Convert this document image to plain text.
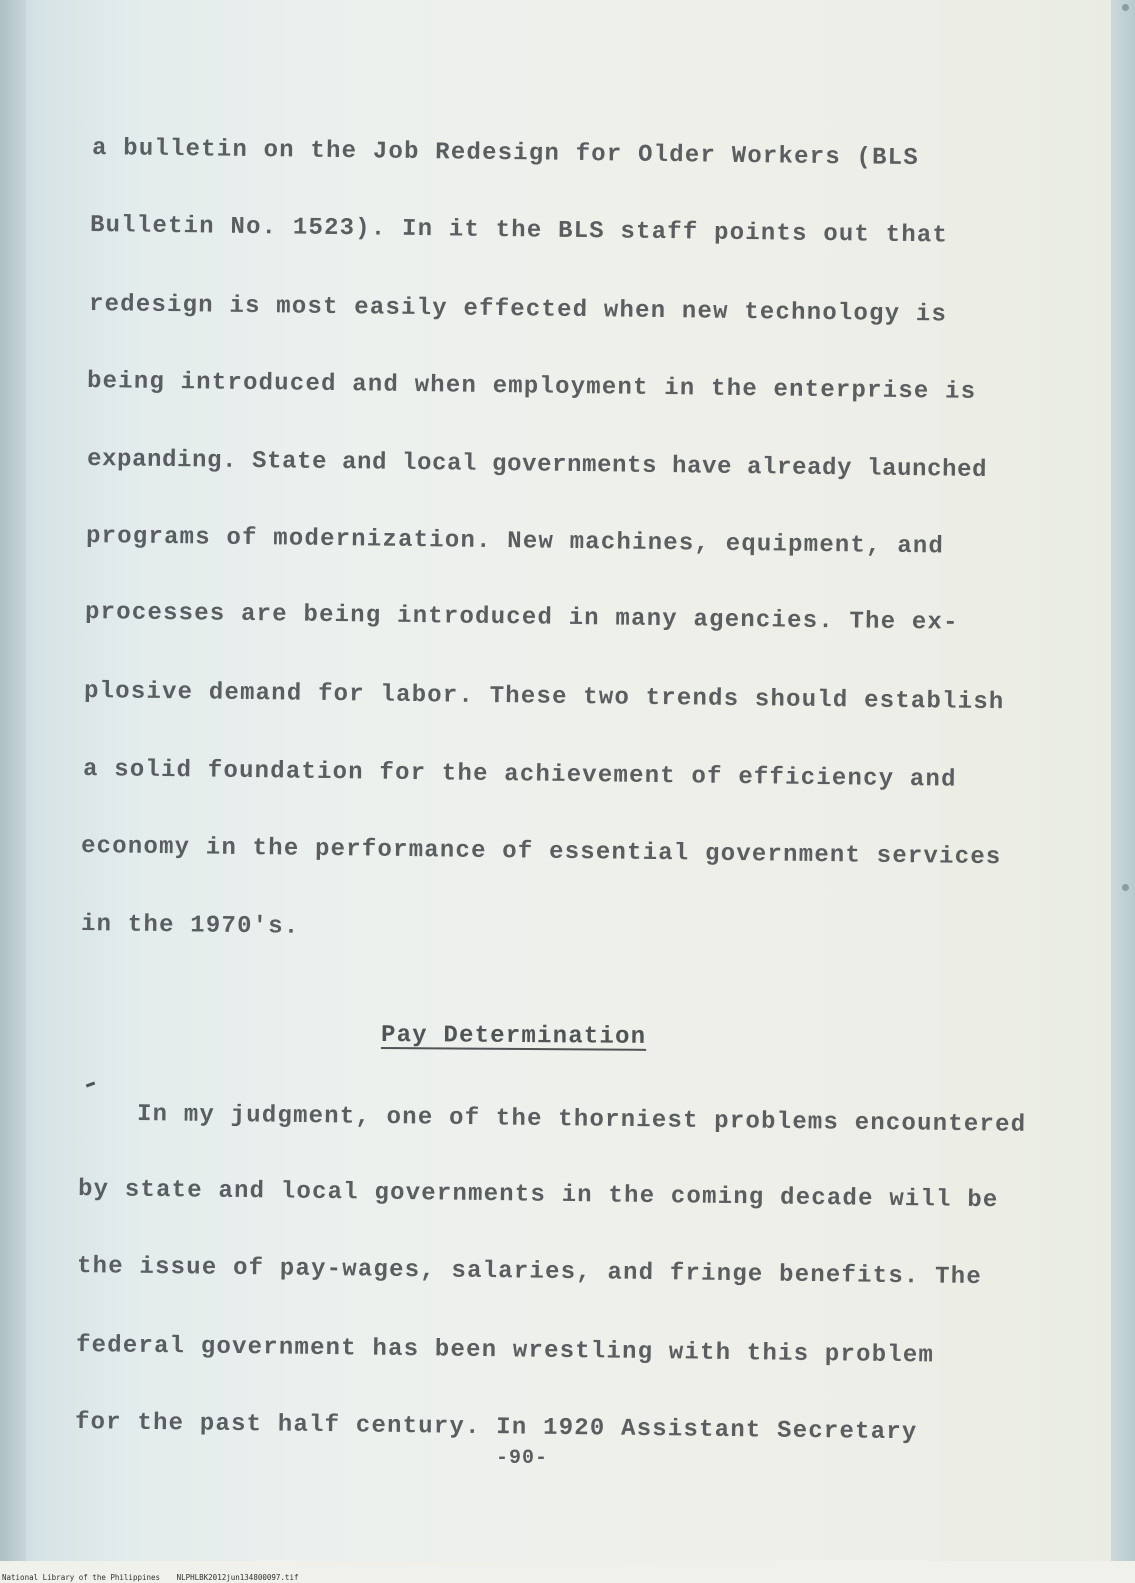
a bulletin on the Job Redesign for Older Workers (BLS

Bulletin No. 1523). In it the BLS staff points out that

redesign is most easily effected when new technology is

being introduced and when employment in the enterprise is

expanding. State and local governments have already launched

programs of modernization. New machines, equipment, and

processes are being introduced in many agencies. The ex-

plosive demand for labor. These two trends should establish

a solid foundation for the achievement of efficiency and

economy in the performance of essential government services

in the 1970's.

Pay Determination

In my judgment, one of the thorniest problems encountered

by state and local governments in the coming decade will be

the issue of pay-wages, salaries, and fringe benefits. The

federal government has been wrestling with this problem

for the past half century. In 1920 Assistant Secretary

-90-
National Library of the Philippines NLPHLBK2012jun134800097.tif
